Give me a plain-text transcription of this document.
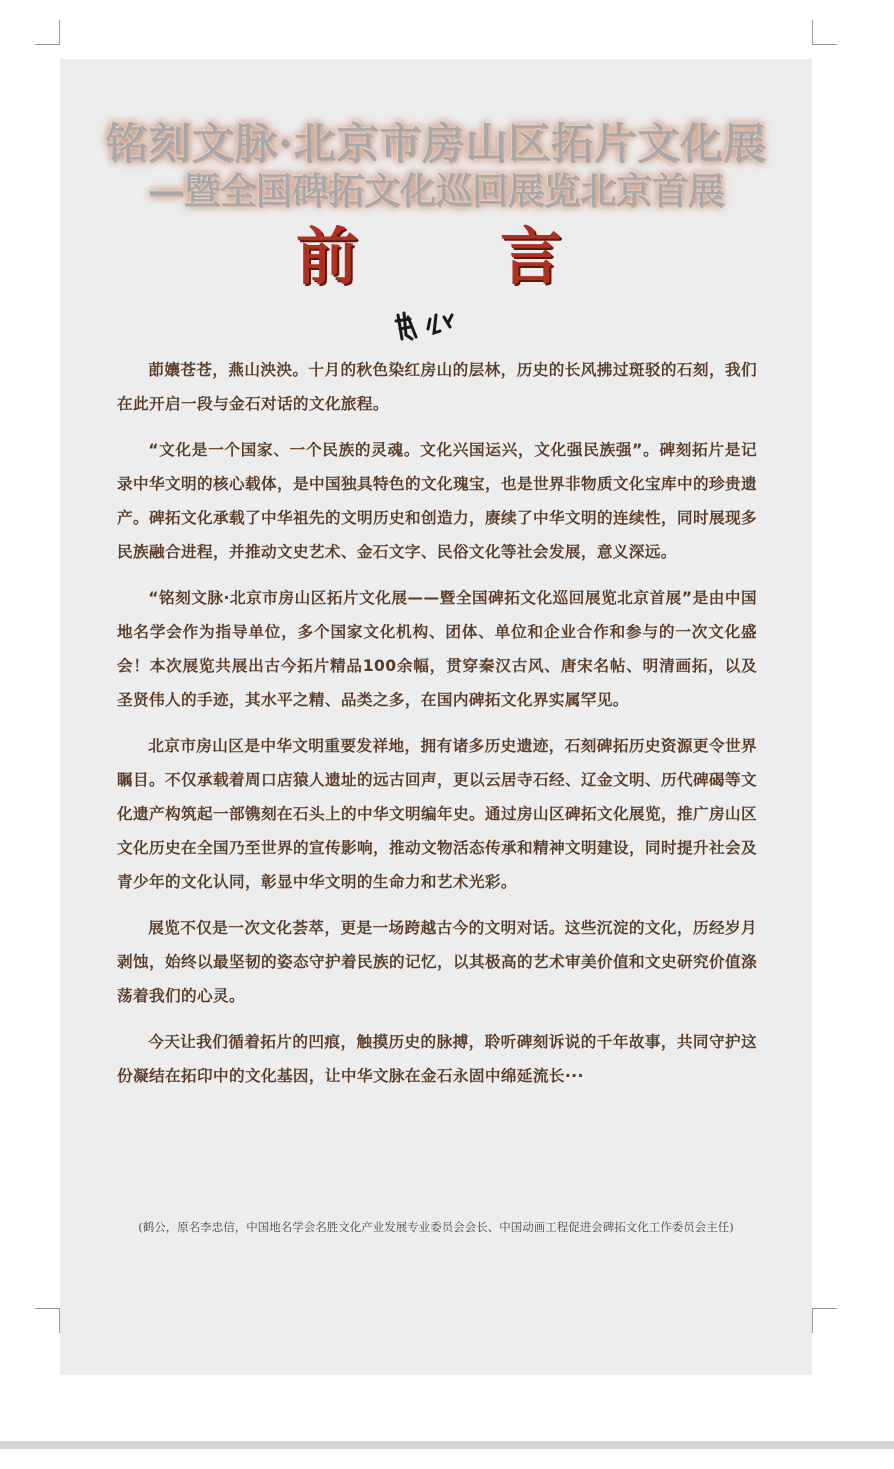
铭刻文脉·北京市房山区拓片文化展
—暨全国碑拓文化巡回展览北京首展
前 言

莭孃苍苍，燕山泱泱。十月的秋色染红房山的层林，历史的长风拂过斑驳的石刻，我们在此开启一段与金石对话的文化旅程。

“文化是一个国家、一个民族的灵魂。文化兴国运兴，文化强民族强”。碑刻拓片是记录中华文明的核心载体，是中国独具特色的文化瑰宝，也是世界非物质文化宝库中的珍贵遗产。碑拓文化承载了中华祖先的文明历史和创造力，赓续了中华文明的连续性，同时展现多民族融合进程，并推动文史艺术、金石文字、民俗文化等社会发展，意义深远。

“铭刻文脉·北京市房山区拓片文化展——暨全国碑拓文化巡回展览北京首展”是由中国地名学会作为指导单位，多个国家文化机构、团体、单位和企业合作和参与的一次文化盛会！本次展览共展出古今拓片精品100余幅，贯穿秦汉古风、唐宋名帖、明清画拓，以及圣贤伟人的手迹，其水平之精、品类之多，在国内碑拓文化界实属罕见。

北京市房山区是中华文明重要发祥地，拥有诸多历史遗迹，石刻碑拓历史资源更令世界瞩目。不仅承载着周口店猿人遗址的远古回声，更以云居寺石经、辽金文明、历代碑碣等文化遗产构筑起一部镌刻在石头上的中华文明编年史。通过房山区碑拓文化展览，推广房山区文化历史在全国乃至世界的宣传影响，推动文物活态传承和精神文明建设，同时提升社会及青少年的文化认同，彰显中华文明的生命力和艺术光彩。

展览不仅是一次文化荟萃，更是一场跨越古今的文明对话。这些沉淀的文化，历经岁月剥蚀，始终以最坚韧的姿态守护着民族的记忆，以其极高的艺术审美价值和文史研究价值涤荡着我们的心灵。

今天让我们循着拓片的凹痕，触摸历史的脉搏，聆听碑刻诉说的千年故事，共同守护这份凝结在拓印中的文化基因，让中华文脉在金石永固中绵延流长···

(鹤公，原名李忠信，中国地名学会名胜文化产业发展专业委员会会长、中国动画工程促进会碑拓文化工作委员会主任)
